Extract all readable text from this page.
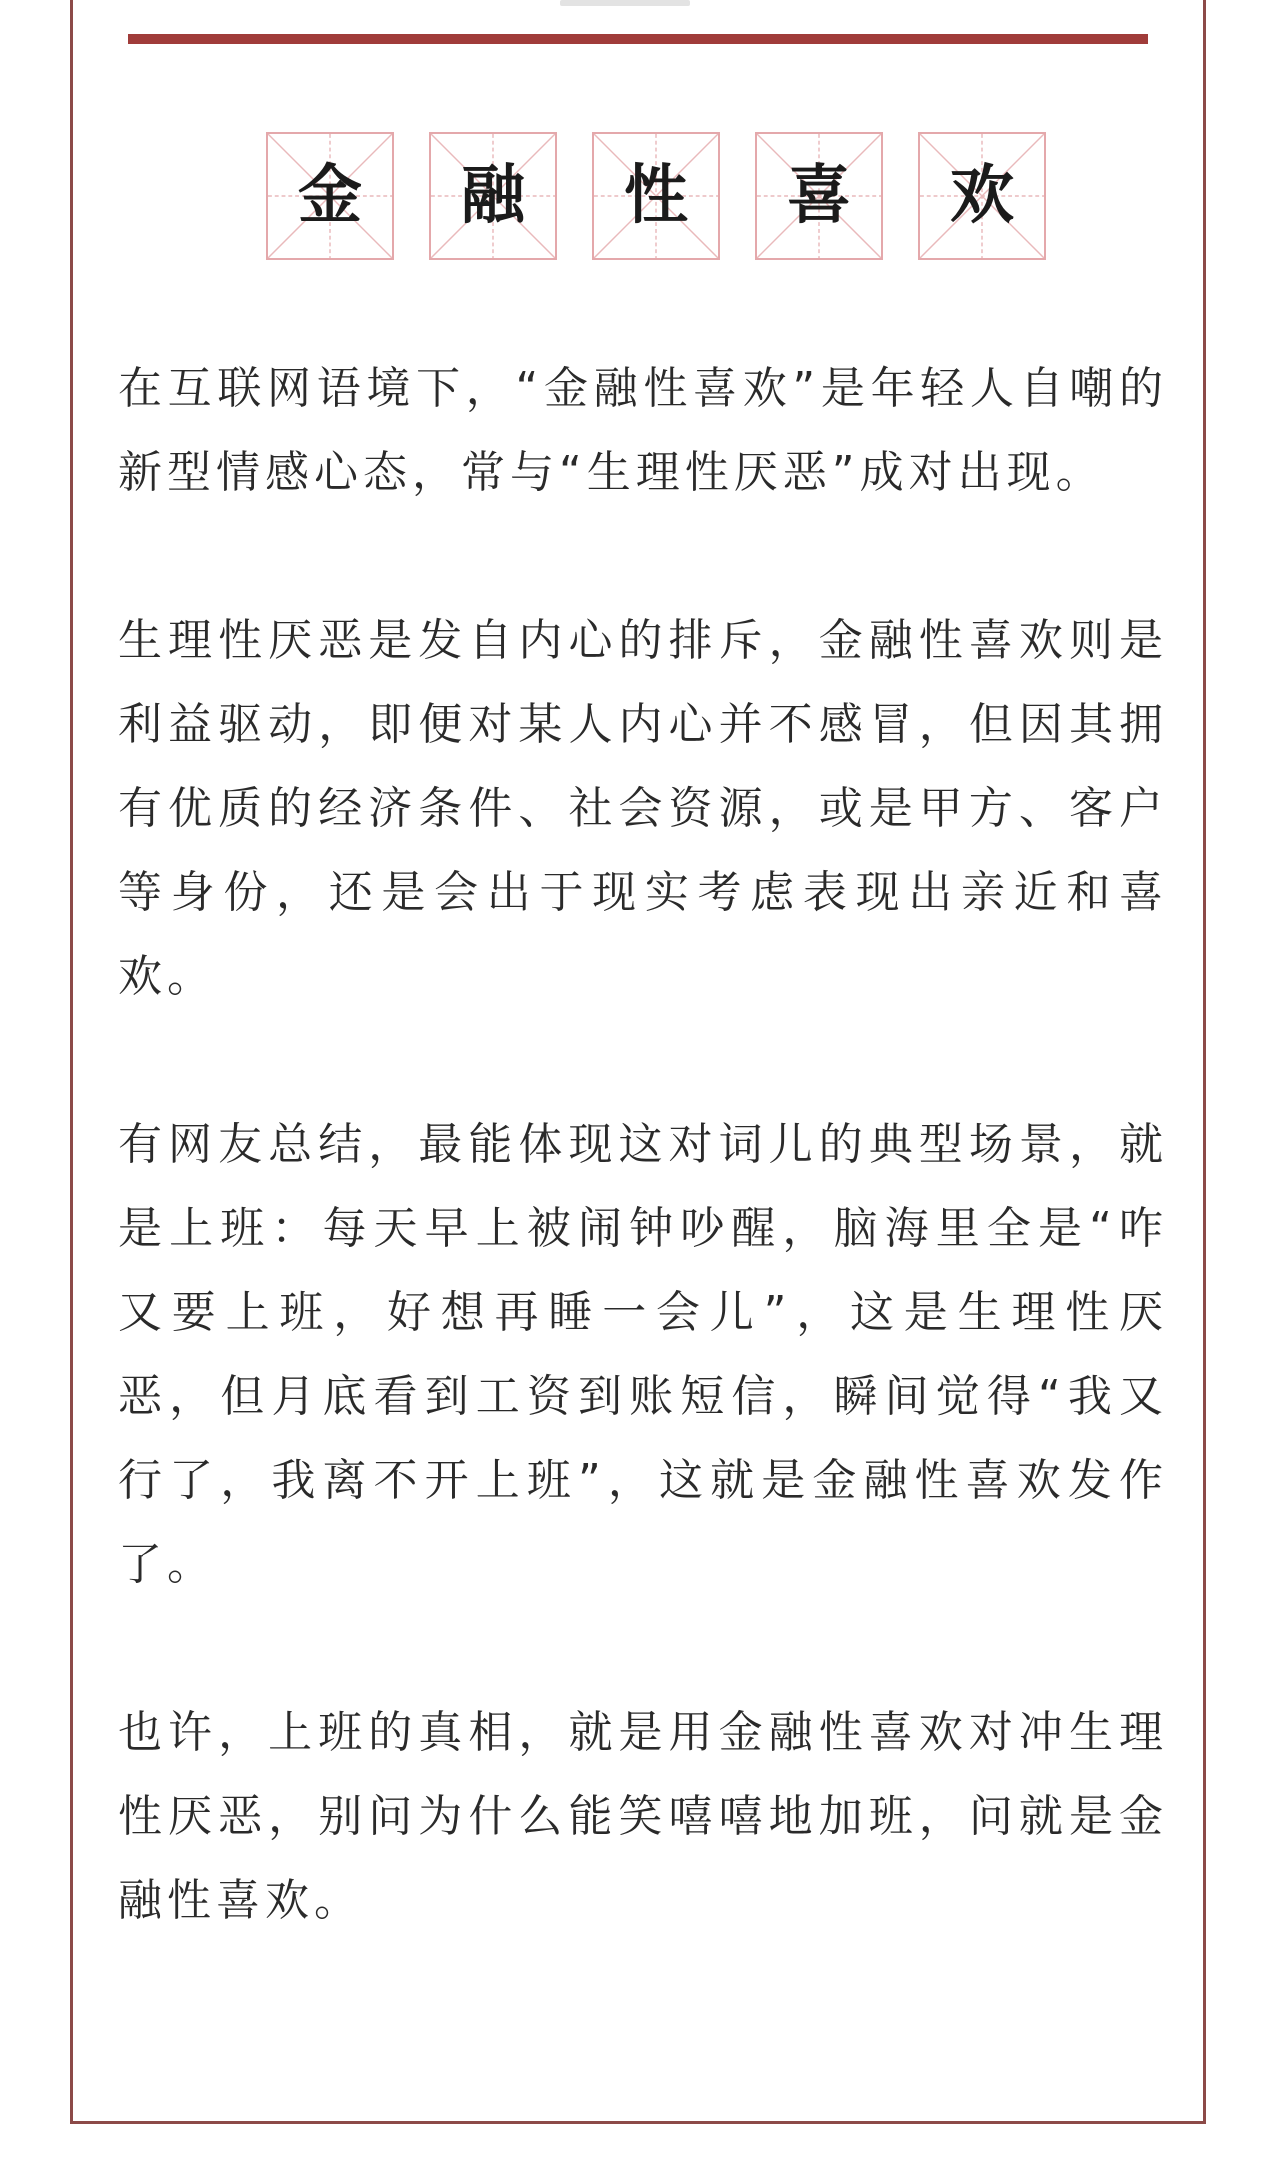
金 融 性 喜 欢

在互联网语境下，“金融性喜欢”是年轻人自嘲的新型情感心态，常与“生理性厌恶”成对出现。

生理性厌恶是发自内心的排斥，金融性喜欢则是利益驱动，即便对某人内心并不感冒，但因其拥有优质的经济条件、社会资源，或是甲方、客户等身份，还是会出于现实考虑表现出亲近和喜欢。

有网友总结，最能体现这对词儿的典型场景，就是上班：每天早上被闹钟吵醒，脑海里全是“咋又要上班，好想再睡一会儿”，这是生理性厌恶，但月底看到工资到账短信，瞬间觉得“我又行了，我离不开上班”，这就是金融性喜欢发作了。

也许，上班的真相，就是用金融性喜欢对冲生理性厌恶，别问为什么能笑嘻嘻地加班，问就是金融性喜欢。
